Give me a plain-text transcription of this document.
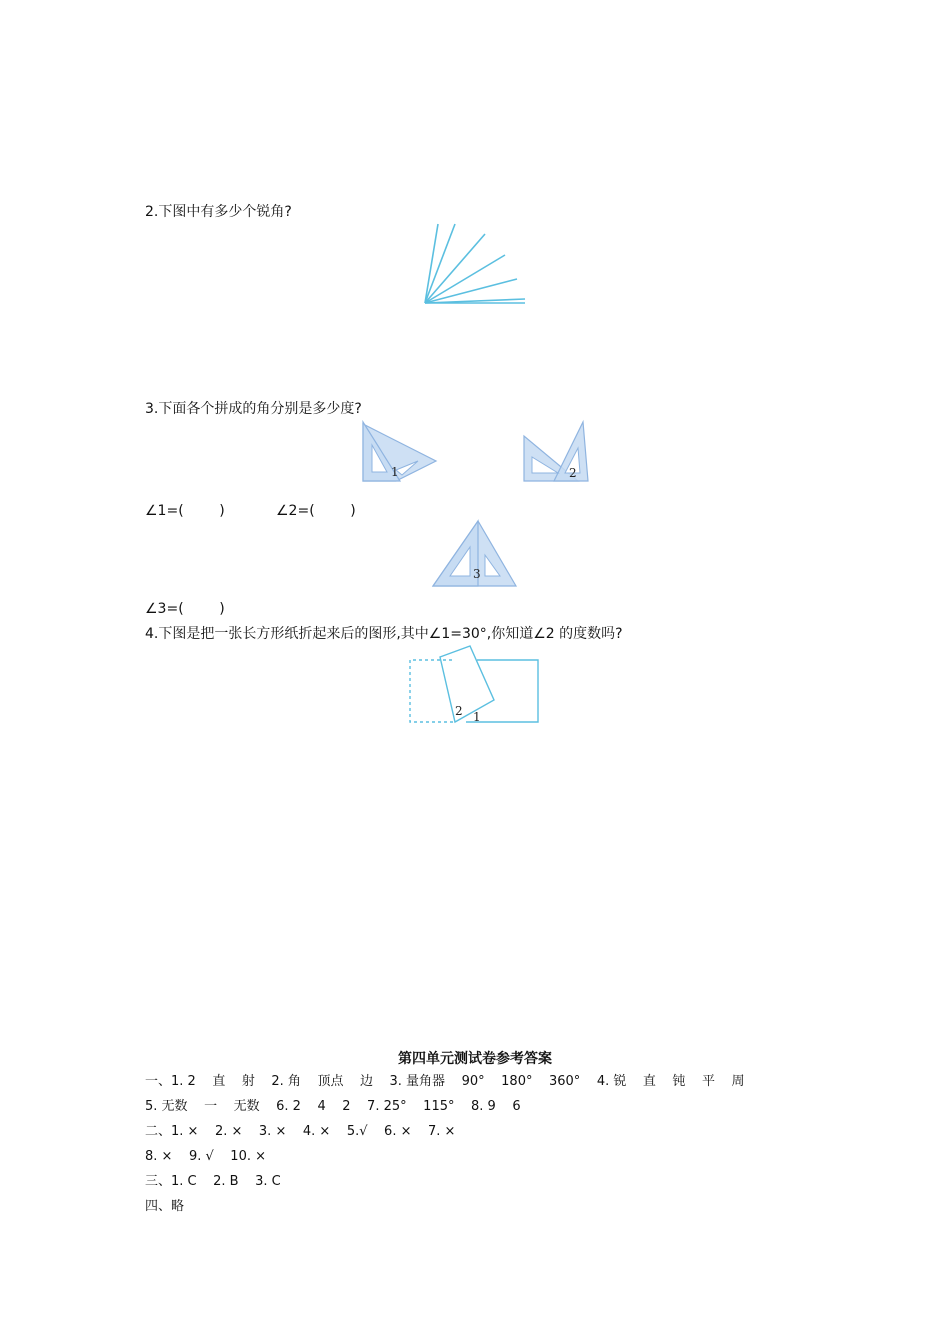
2.下图中有多少个锐角?
3.下面各个拼成的角分别是多少度?
1	2
∠1=(        )	∠2=(        )
3
∠3=(        )
4.下图是把一张长方形纸折起来后的图形,其中∠1=30°,你知道∠2 的度数吗?
2 1
第四单元测试卷参考答案
一、1. 2    直    射    2. 角    顶点    边    3. 量角器    90°    180°    360°    4. 锐    直    钝    平    周
5. 无数    一    无数    6. 2    4    2    7. 25°    115°    8. 9    6
二、1. ×    2. ×    3. ×    4. ×    5.√    6. ×    7. ×
8. ×    9. √    10. ×
三、1. C    2. B    3. C
四、略
